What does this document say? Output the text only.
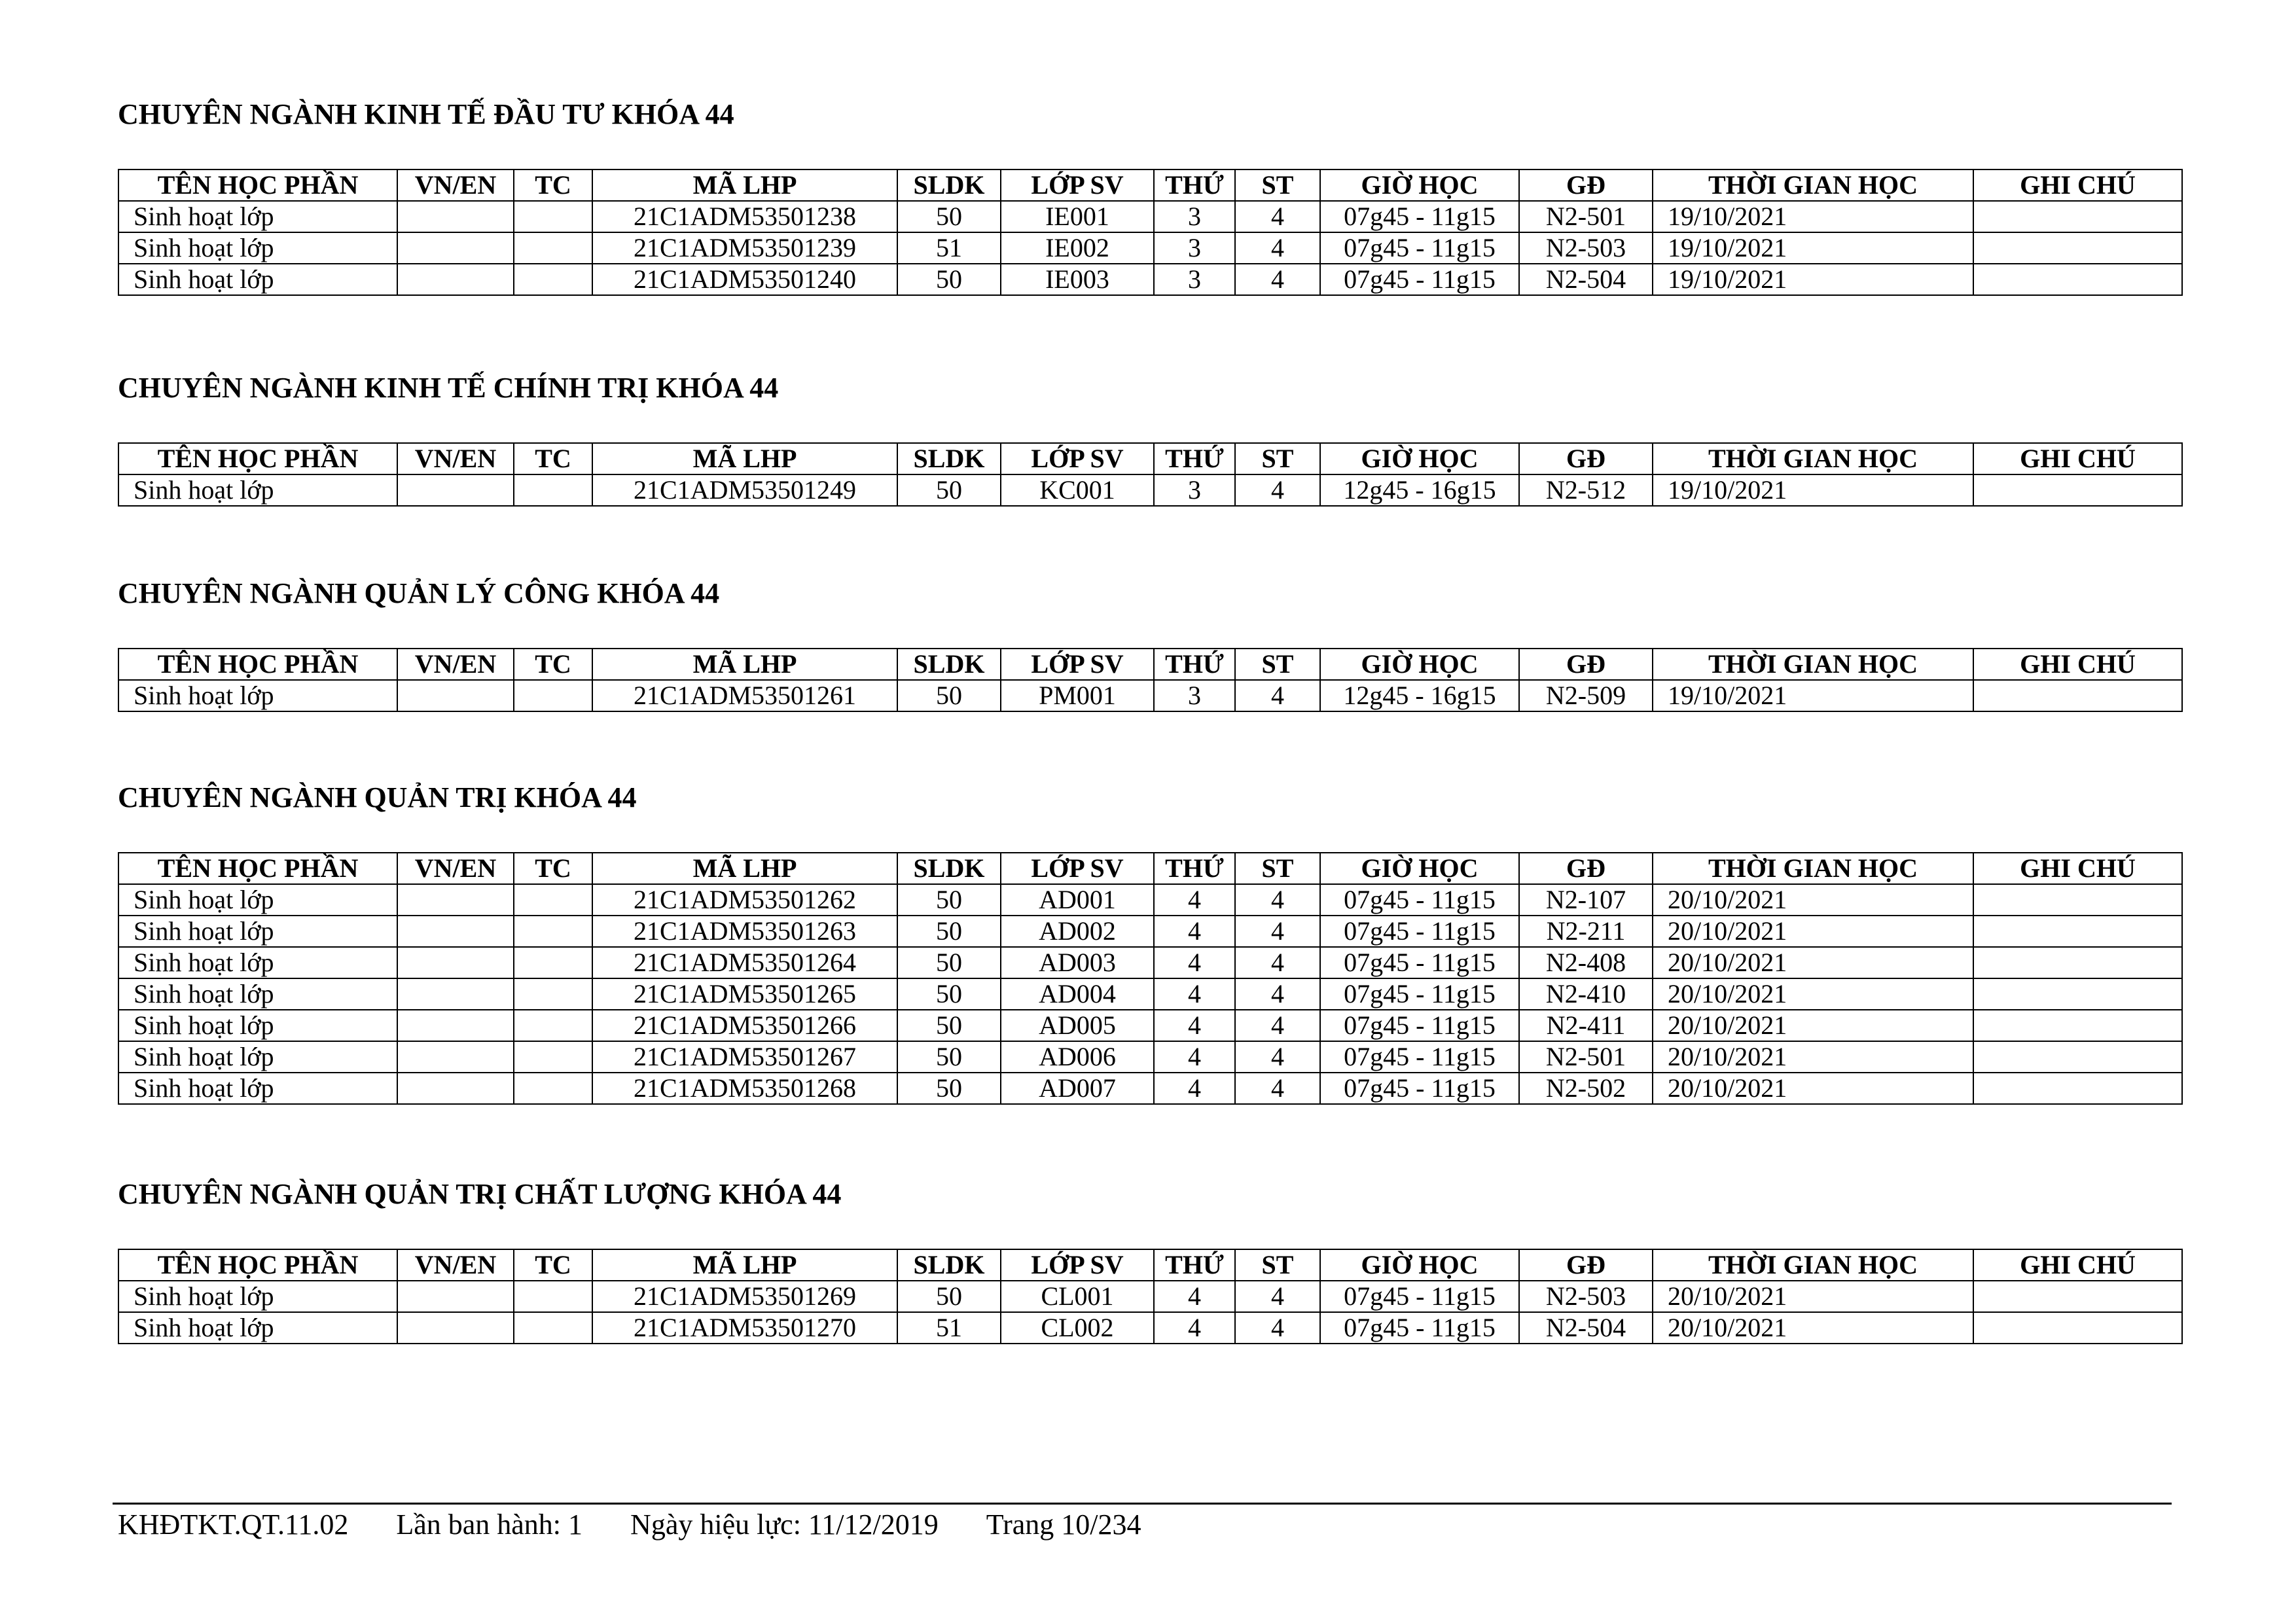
CHUYÊN NGÀNH KINH TẾ ĐẦU TƯ KHÓA 44
TÊN HỌC PHẦN	VN/EN	TC	MÃ LHP	SLDK	LỚP SV	THỨ	ST	GIỜ HỌC	GĐ	THỜI GIAN HỌC	GHI CHÚ
Sinh hoạt lớp			21C1ADM53501238	50	IE001	3	4	07g45 - 11g15	N2-501	19/10/2021	
Sinh hoạt lớp			21C1ADM53501239	51	IE002	3	4	07g45 - 11g15	N2-503	19/10/2021	
Sinh hoạt lớp			21C1ADM53501240	50	IE003	3	4	07g45 - 11g15	N2-504	19/10/2021	
CHUYÊN NGÀNH KINH TẾ CHÍNH TRỊ KHÓA 44
TÊN HỌC PHẦN	VN/EN	TC	MÃ LHP	SLDK	LỚP SV	THỨ	ST	GIỜ HỌC	GĐ	THỜI GIAN HỌC	GHI CHÚ
Sinh hoạt lớp			21C1ADM53501249	50	KC001	3	4	12g45 - 16g15	N2-512	19/10/2021	
CHUYÊN NGÀNH QUẢN LÝ CÔNG KHÓA 44
TÊN HỌC PHẦN	VN/EN	TC	MÃ LHP	SLDK	LỚP SV	THỨ	ST	GIỜ HỌC	GĐ	THỜI GIAN HỌC	GHI CHÚ
Sinh hoạt lớp			21C1ADM53501261	50	PM001	3	4	12g45 - 16g15	N2-509	19/10/2021	
CHUYÊN NGÀNH QUẢN TRỊ KHÓA 44
TÊN HỌC PHẦN	VN/EN	TC	MÃ LHP	SLDK	LỚP SV	THỨ	ST	GIỜ HỌC	GĐ	THỜI GIAN HỌC	GHI CHÚ
Sinh hoạt lớp			21C1ADM53501262	50	AD001	4	4	07g45 - 11g15	N2-107	20/10/2021	
Sinh hoạt lớp			21C1ADM53501263	50	AD002	4	4	07g45 - 11g15	N2-211	20/10/2021	
Sinh hoạt lớp			21C1ADM53501264	50	AD003	4	4	07g45 - 11g15	N2-408	20/10/2021	
Sinh hoạt lớp			21C1ADM53501265	50	AD004	4	4	07g45 - 11g15	N2-410	20/10/2021	
Sinh hoạt lớp			21C1ADM53501266	50	AD005	4	4	07g45 - 11g15	N2-411	20/10/2021	
Sinh hoạt lớp			21C1ADM53501267	50	AD006	4	4	07g45 - 11g15	N2-501	20/10/2021	
Sinh hoạt lớp			21C1ADM53501268	50	AD007	4	4	07g45 - 11g15	N2-502	20/10/2021	
CHUYÊN NGÀNH QUẢN TRỊ CHẤT LƯỢNG KHÓA 44
TÊN HỌC PHẦN	VN/EN	TC	MÃ LHP	SLDK	LỚP SV	THỨ	ST	GIỜ HỌC	GĐ	THỜI GIAN HỌC	GHI CHÚ
Sinh hoạt lớp			21C1ADM53501269	50	CL001	4	4	07g45 - 11g15	N2-503	20/10/2021	
Sinh hoạt lớp			21C1ADM53501270	51	CL002	4	4	07g45 - 11g15	N2-504	20/10/2021	
KHĐTKT.QT.11.02 Lần ban hành: 1 Ngày hiệu lực: 11/12/2019 Trang 10/234
